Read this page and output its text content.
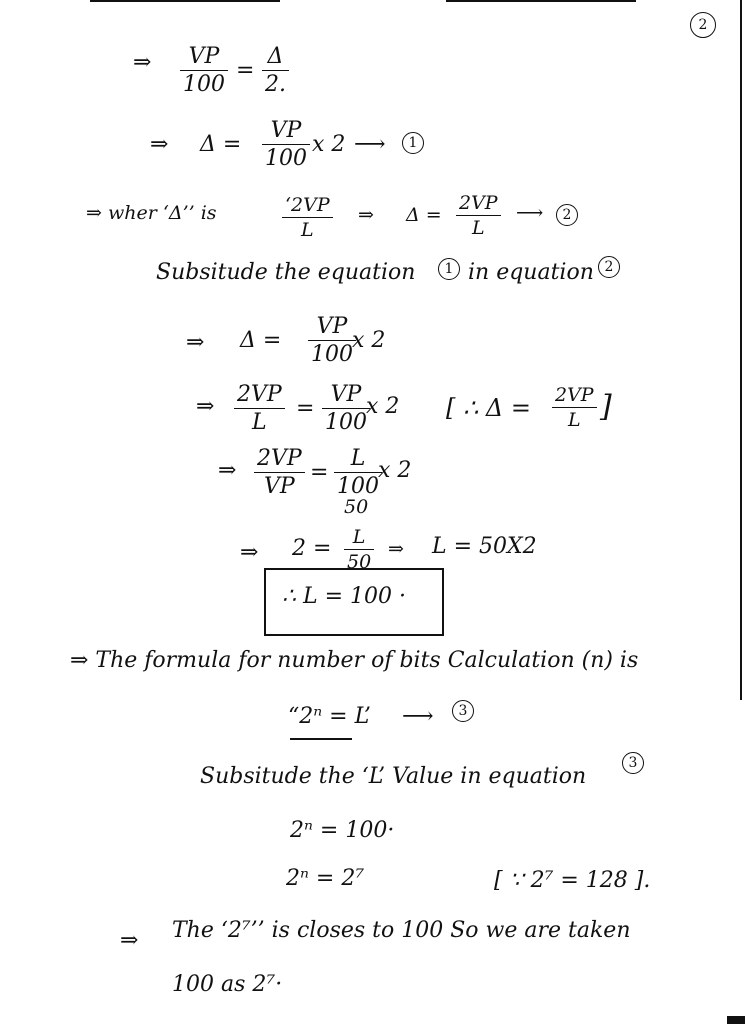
2
⇒ $\frac{VP}{100} = \frac{\Delta}{2.}$
⇒ $\Delta = \frac{VP}{100}$ x 2 ⟶	1
⇒ wher ‘Δ’’ is	$\frac{‘2VP}{L}$ ⇒ $\Delta = \frac{2VP}{L}$ ⟶	2
Subsitude the equation	1 in equation 2
⇒ $\Delta = \frac{VP}{100}$
x 2
⇒ $\frac{2VP}{L} = \frac{VP}{100}$
x 2 [ ∴ $\Delta = \frac{2VP}{L}$ ]
⇒ $\frac{2VP}{VP} = \frac{L}{100}$
x 2
50
⇒ $2 = \frac{L}{50}$ ⇒ L = 50X2
∴ L = 100 ·
⇒ The formula for number of bits Calculation (n) is
“2ⁿ = L’ ⟶	3
Subsitude the ‘L’ Value in equation
3
2ⁿ = 100·
2ⁿ = 2⁷	[ ∵ 2⁷ = 128 ].
⇒ The ‘2⁷’’ is closes to 100 So we are taken
100 as 2⁷·
